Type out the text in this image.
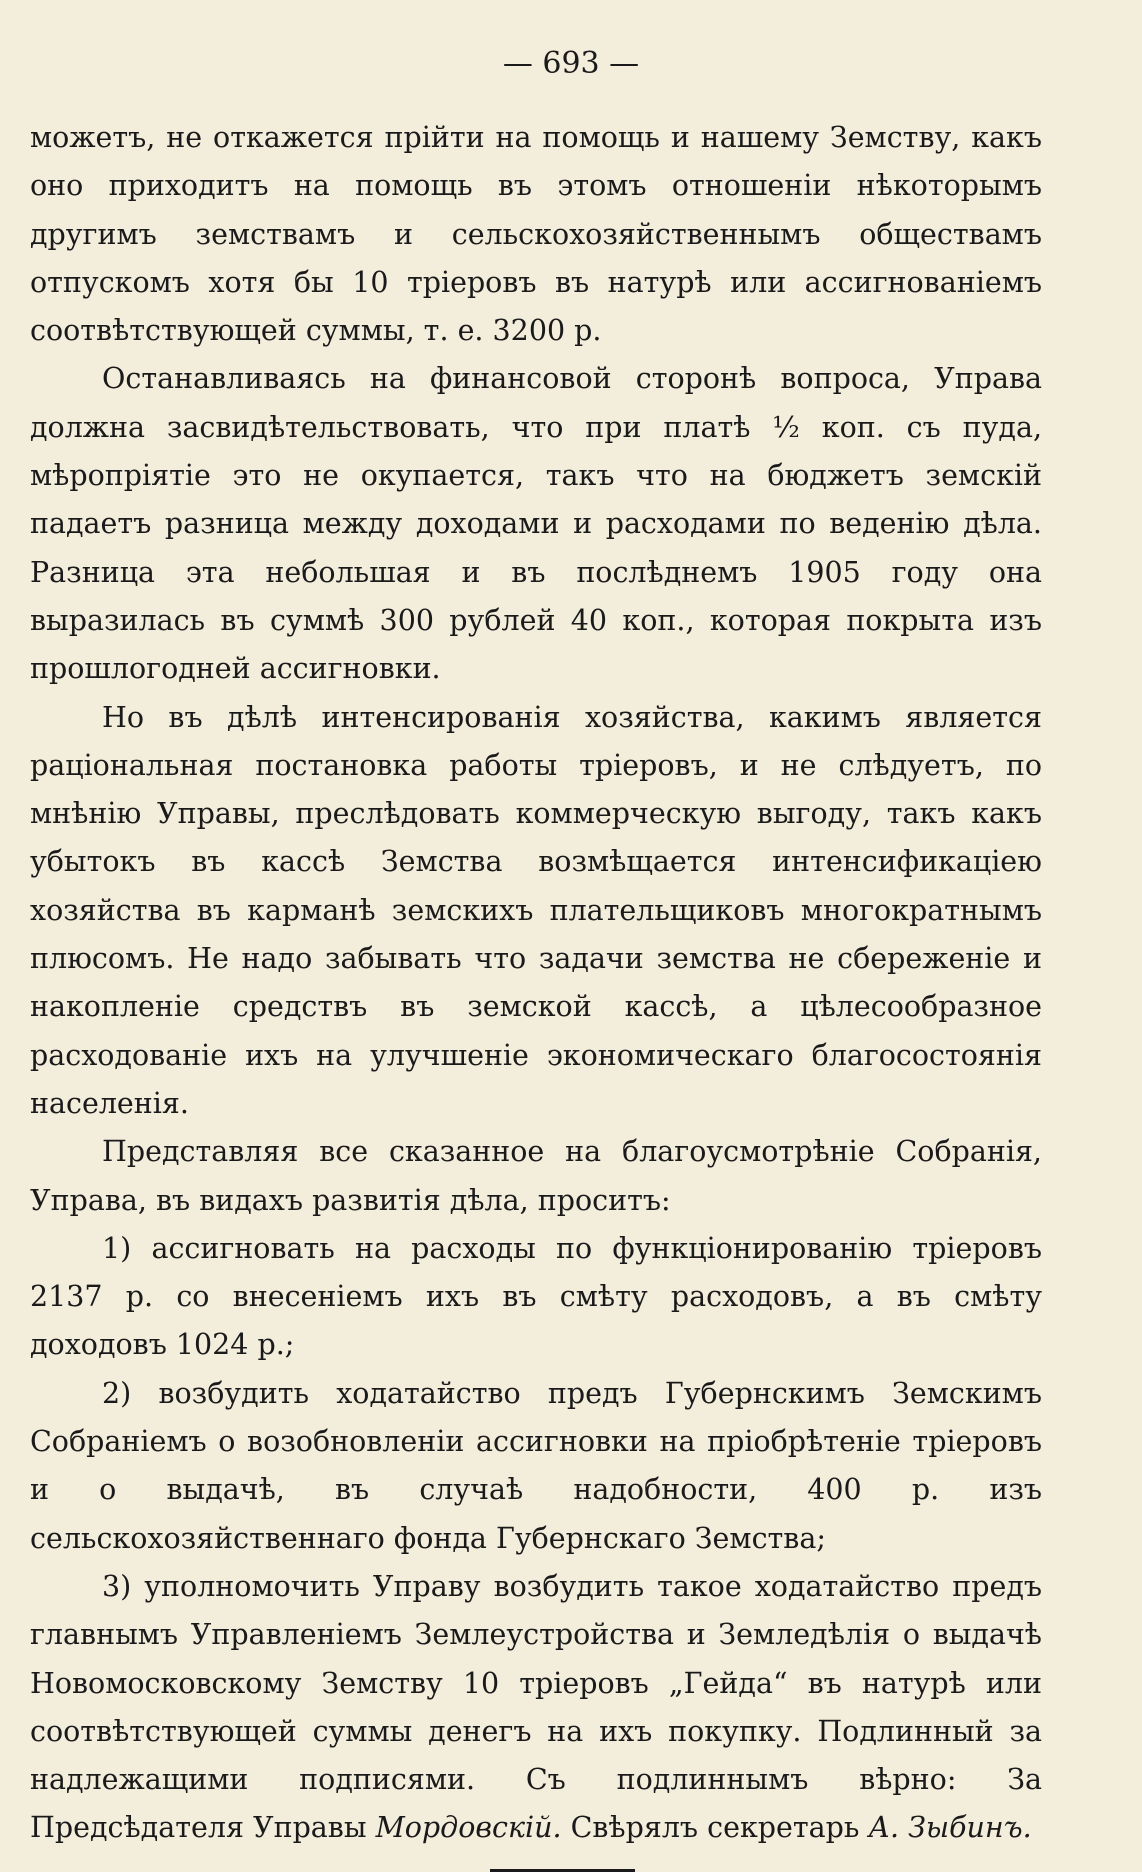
— 693 —

можетъ, не откажется прійти на помощь и нашему Земству, какъ оно приходитъ на помощь въ этомъ отношеніи нѣкоторымъ другимъ земствамъ и сельскохозяйственнымъ обществамъ отпускомъ хотя бы 10 тріеровъ въ натурѣ или ассигнованіемъ соотвѣтствующей суммы, т. е. 3200 р.

Останавливаясь на финансовой сторонѣ вопроса, Управа должна засвидѣтельствовать, что при платѣ ½ коп. съ пуда, мѣропріятіе это не окупается, такъ что на бюджетъ земскій падаетъ разница между доходами и расходами по веденію дѣла. Разница эта небольшая и въ послѣднемъ 1905 году она выразилась въ суммѣ 300 рублей 40 коп., которая покрыта изъ прошлогодней ассигновки.

Но въ дѣлѣ интенсированія хозяйства, какимъ является раціональная постановка работы тріеровъ, и не слѣдуетъ, по мнѣнію Управы, преслѣдовать коммерческую выгоду, такъ какъ убытокъ въ кассѣ Земства возмѣщается интенсификаціею хозяйства въ карманѣ земскихъ плательщиковъ многократнымъ плюсомъ. Не надо забывать что задачи земства не сбереженіе и накопленіе средствъ въ земской кассѣ, а цѣлесообразное расходованіе ихъ на улучшеніе экономическаго благосостоянія населенія.

Представляя все сказанное на благоусмотрѣніе Собранія, Управа, въ видахъ развитія дѣла, проситъ:

1) ассигновать на расходы по функціонированію тріеровъ 2137 р. со внесеніемъ ихъ въ смѣту расходовъ, а въ смѣту доходовъ 1024 р.;

2) возбудить ходатайство предъ Губернскимъ Земскимъ Собраніемъ о возобновленіи ассигновки на пріобрѣтеніе тріеровъ и о выдачѣ, въ случаѣ надобности, 400 р. изъ сельскохозяйственнаго фонда Губернскаго Земства;

3) уполномочить Управу возбудить такое ходатайство предъ главнымъ Управленіемъ Землеустройства и Земледѣлія о выдачѣ Новомосковскому Земству 10 тріеровъ „Гейда“ въ натурѣ или соотвѣтствующей суммы денегъ на ихъ покупку. Подлинный за надлежащими подписями. Съ подлиннымъ вѣрно: За Предсѣдателя Управы Мордовскій. Свѣрялъ секретарь А. Зыбинъ.
